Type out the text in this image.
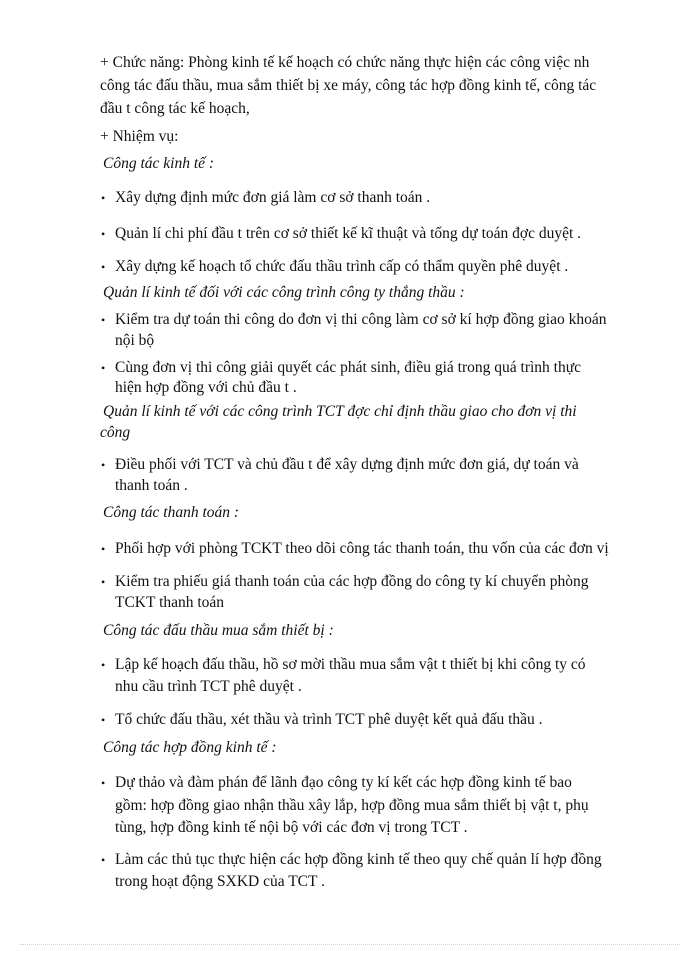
+ Chức năng: Phòng kinh tế kế hoạch có chức năng thực hiện các công việc nh
công tác đấu thầu, mua sắm thiết bị xe máy, công tác hợp đồng kinh tế, công tác
đầu t công tác kế hoạch,
+ Nhiệm vụ:
Công tác kinh tế :
• Xây dựng định mức đơn giá làm cơ sở thanh toán .
• Quản lí chi phí đầu t trên cơ sở thiết kế kĩ thuật và tổng dự toán đợc duyệt .
• Xây dựng kế hoạch tổ chức đấu thầu trình cấp có thẩm quyền phê duyệt .
Quản lí kinh tế đối với các công trình công ty thắng thầu :
• Kiểm tra dự toán thi công do đơn vị thi công làm cơ sở kí hợp đồng giao khoán
nội bộ
• Cùng đơn vị thi công giải quyết các phát sinh, điều giá trong quá trình thực
hiện hợp đồng với chủ đầu t .
Quản lí kinh tế với các công trình TCT đợc chỉ định thầu giao cho đơn vị thi
công
• Điều phối với TCT và chủ đầu t để xây dựng định mức đơn giá, dự toán và
thanh toán .
Công tác thanh toán :
• Phối hợp với phòng TCKT theo dõi công tác thanh toán, thu vốn của các đơn vị
• Kiểm tra phiếu giá thanh toán của các hợp đồng do công ty kí chuyển phòng
TCKT thanh toán
Công tác đấu thầu mua sắm thiết bị :
• Lập kế hoạch đấu thầu, hồ sơ mời thầu mua sắm vật t thiết bị khi công ty có
nhu cầu trình TCT phê duyệt .
• Tổ chức đấu thầu, xét thầu và trình TCT phê duyệt kết quả đấu thầu .
Công tác hợp đồng kinh tế :
• Dự thảo và đàm phán để lãnh đạo công ty kí kết các hợp đồng kinh tế bao
gồm: hợp đồng giao nhận thầu xây lắp, hợp đồng mua sắm thiết bị vật t, phụ
tùng, hợp đồng kinh tế nội bộ với các đơn vị trong TCT .
• Làm các thủ tục thực hiện các hợp đồng kinh tế theo quy chế quản lí hợp đồng
trong hoạt động SXKD của TCT .
